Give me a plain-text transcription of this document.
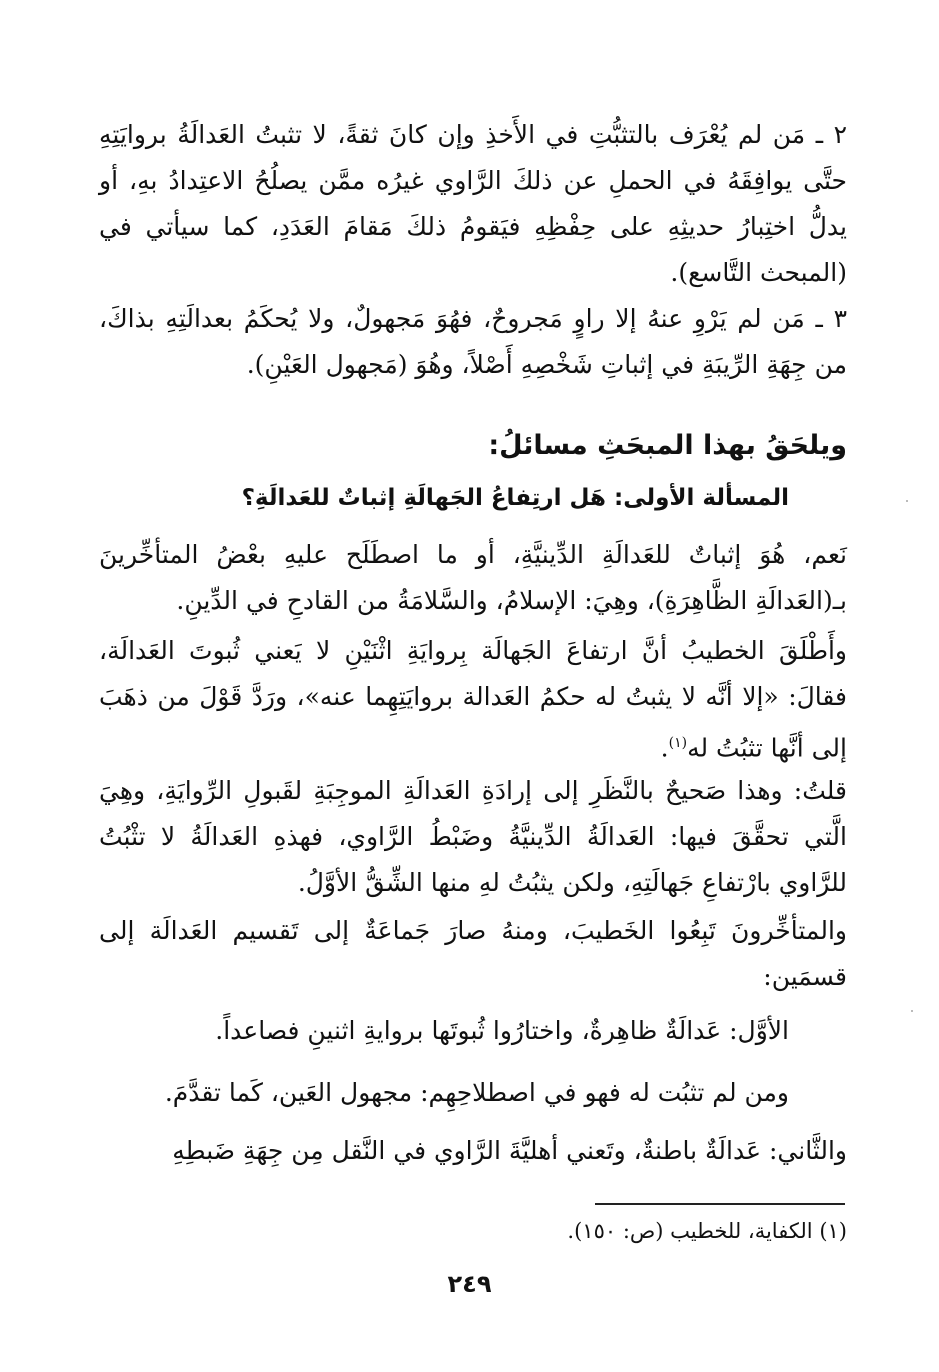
٢ ـ مَن لم يُعْرَف بالتثبُّتِ في الأَخذِ وإن كانَ ثقةً، لا تثبتُ العَدالَةُ بروايَتِهِ حتَّى يوافِقَهُ في الحملِ عن ذلكَ الرَّاوي غيرُه ممَّن يصلُحُ الاعتِدادُ بهِ، أو يدلُّ اختِبارُ حديثِهِ على حِفْظِهِ فيَقومُ ذلكَ مَقامَ العَدَدِ، كما سيأتي في (المبحث التَّاسع).

٣ ـ مَن لم يَرْوِ عنهُ إلا راوٍ مَجروحٌ، فهُوَ مَجهولٌ، ولا يُحكَمُ بعدالَتِهِ بذاكَ، من جِهَةِ الرِّيبَةِ في إثباتِ شَخْصِهِ أَصْلاً، وهُوَ (مَجهول العَيْنِ).

ويلحَقُ بهذا المبحَثِ مسائلُ:
المسألة الأولى: هَل ارتِفاعُ الجَهالَةِ إثباتٌ للعَدالَةِ؟

نَعم، هُوَ إثباتٌ للعَدالَةِ الدِّينيَّةِ، أو ما اصطَلَح عليهِ بعْضُ المتأخِّرينَ بـ(العَدالَةِ الظَّاهِرَةِ)، وهِيَ: الإسلامُ، والسَّلامَةُ من القادحِ في الدِّينِ.

وأَطْلَقَ الخطيبُ أنَّ ارتفاعَ الجَهالَة بِروايَةِ اثْنَيْنِ لا يَعني ثُبوتَ العَدالَة، فقالَ: «إلا أنَّه لا يثبتُ له حكمُ العَدالة بروايَتِهِما عنه»، ورَدَّ قَوْلَ من ذهَبَ إلى أنَّها تثبُتُ له$^{(١)}$.

قلتُ: وهذا صَحيحٌ بالنَّظَرِ إلى إرادَةِ العَدالَةِ الموجِبَةِ لقَبولِ الرِّوايَةِ، وهِيَ الَّتي تحقَّقَ فيها: العَدالَةُ الدِّينيَّةُ وضَبْطُ الرَّاوي، فهذهِ العَدالَةُ لا تثْبُتُ للرَّاوي بارْتفاعِ جَهالَتِهِ، ولكن يثبُتُ لهِ منها الشِّقُّ الأوَّلُ.

والمتأخِّرونَ تَبِعُوا الخَطيبَ، ومنهُ صارَ جَماعَةٌ إلى تَقسيم العَدالَة إلى قسمَين:

الأوَّل: عَدالَةٌ ظاهِرةٌ، واختارُوا ثُبوتَها بروايةِ اثنينِ فصاعداً.

ومن لم تثبُت له فهو في اصطلاحِهِم: مجهول العَين، كَما تقدَّمَ.

والثَّاني: عَدالَةٌ باطنةٌ، وتَعني أهليَّةَ الرَّاوي في النَّقل مِن جِهَةِ ضَبطِهِ

(١) الكفاية، للخطيب (ص: ١٥٠).

٢٤٩
